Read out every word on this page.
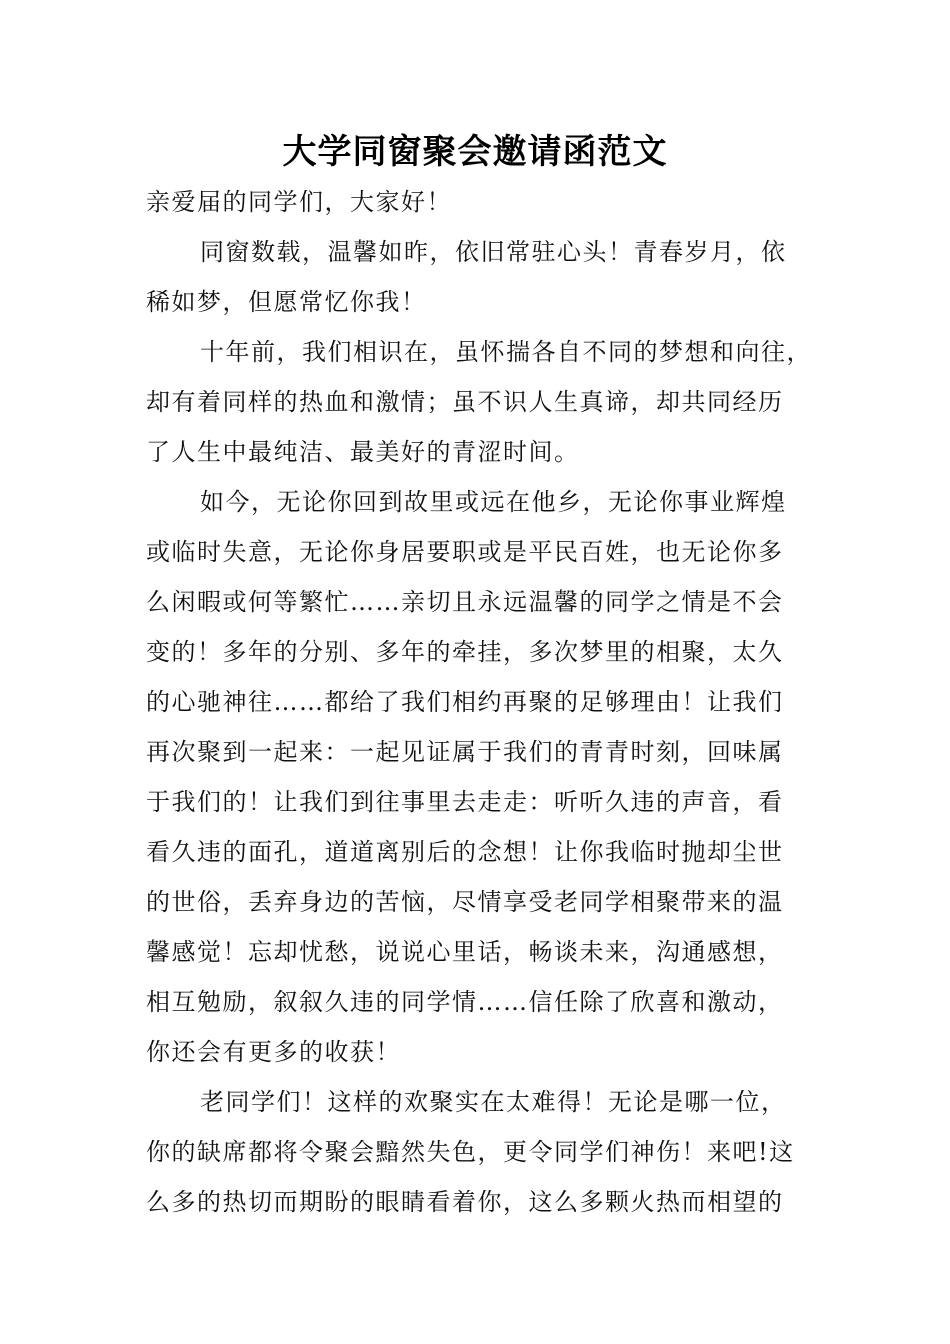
大学同窗聚会邀请函范文

亲爱届的同学们，大家好！

同窗数载，温馨如昨，依旧常驻心头！青春岁月，依
稀如梦，但愿常忆你我！

十年前，我们相识在，虽怀揣各自不同的梦想和向往，
却有着同样的热血和激情；虽不识人生真谛，却共同经历
了人生中最纯洁、最美好的青涩时间。

如今，无论你回到故里或远在他乡，无论你事业辉煌
或临时失意，无论你身居要职或是平民百姓，也无论你多
么闲暇或何等繁忙……亲切且永远温馨的同学之情是不会
变的！多年的分别、多年的牵挂，多次梦里的相聚，太久
的心驰神往……都给了我们相约再聚的足够理由！让我们
再次聚到一起来：一起见证属于我们的青青时刻，回味属
于我们的！让我们到往事里去走走：听听久违的声音，看
看久违的面孔，道道离别后的念想！让你我临时抛却尘世
的世俗，丢弃身边的苦恼，尽情享受老同学相聚带来的温
馨感觉！忘却忧愁，说说心里话，畅谈未来，沟通感想，
相互勉励，叙叙久违的同学情……信任除了欣喜和激动，
你还会有更多的收获！

老同学们！这样的欢聚实在太难得！无论是哪一位，
你的缺席都将令聚会黯然失色，更令同学们神伤！来吧!这
么多的热切而期盼的眼睛看着你，这么多颗火热而相望的
